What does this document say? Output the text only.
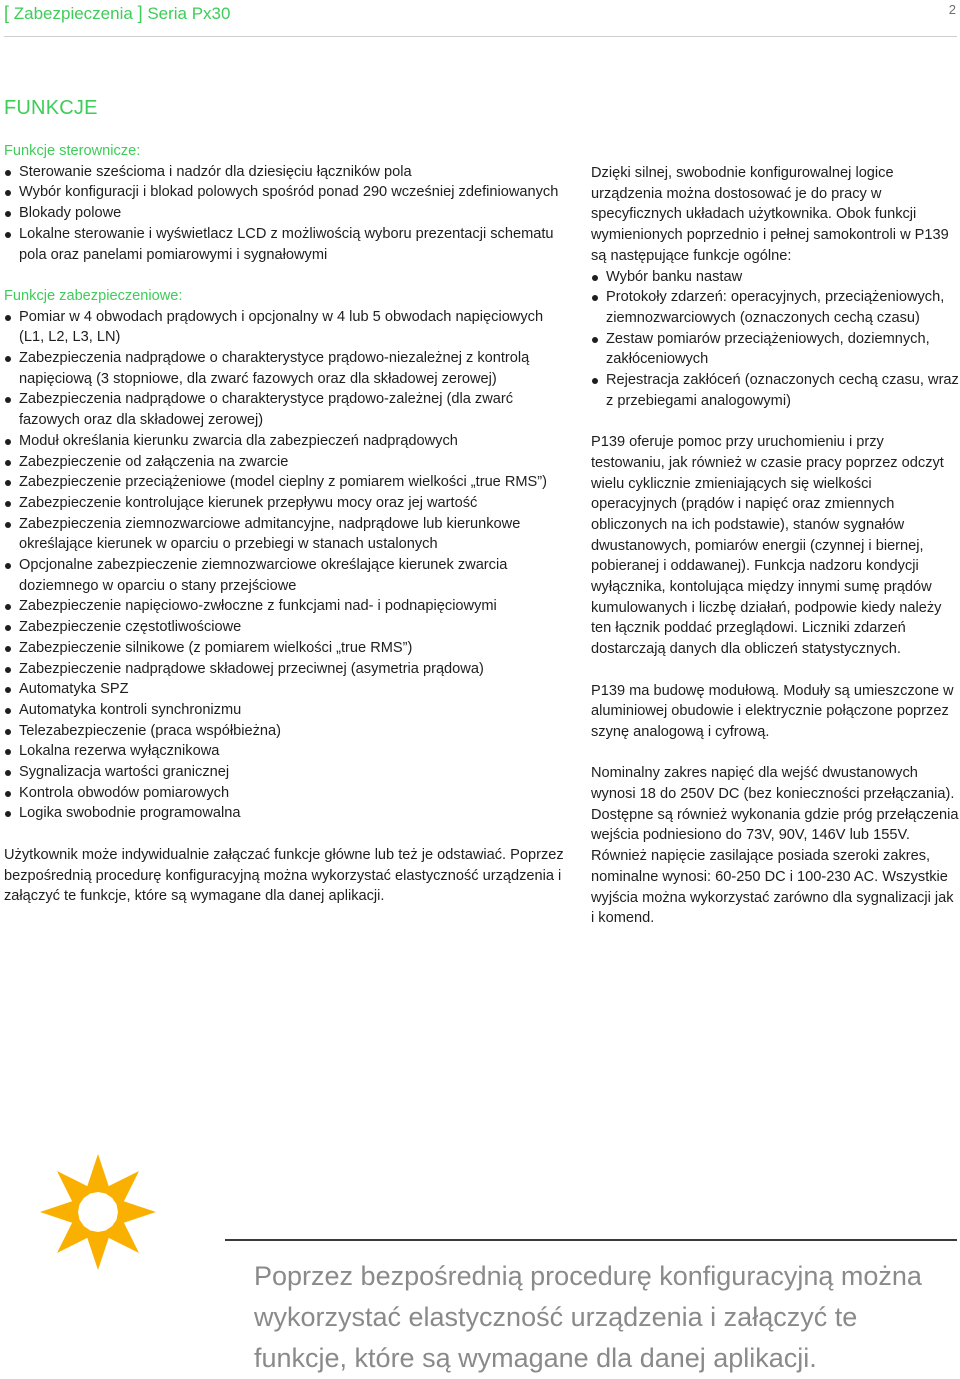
[ Zabezpieczenia ] Seria Px30	2
FUNKCJE
Funkcje sterownicze:
Sterowanie sześcioma i nadzór dla dziesięciu łączników pola
Wybór konfiguracji i blokad polowych spośród ponad 290 wcześniej zdefiniowanych
Blokady polowe
Lokalne sterowanie i wyświetlacz LCD z możliwością wyboru prezentacji schematu pola oraz panelami pomiarowymi i sygnałowymi
Funkcje zabezpieczeniowe:
Pomiar w 4 obwodach prądowych i opcjonalny w 4 lub 5 obwodach napięciowych (L1, L2, L3, LN)
Zabezpieczenia nadprądowe o charakterystyce prądowo-niezależnej z kontrolą napięciową (3 stopniowe, dla zwarć fazowych oraz dla składowej zerowej)
Zabezpieczenia nadprądowe o charakterystyce prądowo-zależnej (dla zwarć fazowych oraz dla składowej zerowej)
Moduł określania kierunku zwarcia dla zabezpieczeń nadprądowych
Zabezpieczenie od załączenia na zwarcie
Zabezpieczenie przeciążeniowe (model cieplny z pomiarem wielkości „true RMS”)
Zabezpieczenie kontrolujące kierunek przepływu mocy oraz jej wartość
Zabezpieczenia ziemnozwarciowe admitancyjne, nadprądowe lub kierunkowe określające kierunek w oparciu o przebiegi w stanach ustalonych
Opcjonalne zabezpieczenie ziemnozwarciowe określające kierunek zwarcia doziemnego w oparciu o stany przejściowe
Zabezpieczenie napięciowo-zwłoczne z funkcjami nad- i podnapięciowymi
Zabezpieczenie częstotliwościowe
Zabezpieczenie silnikowe (z pomiarem wielkości „true RMS”)
Zabezpieczenie nadprądowe składowej przeciwnej (asymetria prądowa)
Automatyka SPZ
Automatyka kontroli synchronizmu
Telezabezpieczenie (praca współbieżna)
Lokalna rezerwa wyłącznikowa
Sygnalizacja wartości granicznej
Kontrola obwodów pomiarowych
Logika swobodnie programowalna

Użytkownik może indywidualnie załączać funkcje główne lub też je odstawiać. Poprzez bezpośrednią procedurę konfiguracyjną można wykorzystać elastyczność urządzenia i załączyć te funkcje, które są wymagane dla danej aplikacji.

Dzięki silnej, swobodnie konfigurowalnej logice urządzenia można dostosować je do pracy w specyficznych układach użytkownika. Obok funkcji wymienionych poprzednio i pełnej samokontroli w P139 są następujące funkcje ogólne:

Wybór banku nastaw
Protokoły zdarzeń: operacyjnych, przeciążeniowych, ziemnozwarciowych (oznaczonych cechą czasu)
Zestaw pomiarów przeciążeniowych, doziemnych, zakłóceniowych
Rejestracja zakłóceń (oznaczonych cechą czasu, wraz z przebiegami analogowymi)

P139 oferuje pomoc przy uruchomieniu i przy testowaniu, jak również w czasie pracy poprzez odczyt wielu cyklicznie zmieniających się wielkości operacyjnych (prądów i napięć oraz zmiennych obliczonych na ich podstawie), stanów sygnałów dwustanowych, pomiarów energii (czynnej i biernej, pobieranej i oddawanej). Funkcja nadzoru kondycji wyłącznika, kontolująca między innymi sumę prądów kumulowanych i liczbę działań, podpowie kiedy należy ten łącznik poddać przeglądowi. Liczniki zdarzeń dostarczają danych dla obliczeń statystycznych.

P139 ma budowę modułową. Moduły są umieszczone w aluminiowej obudowie i elektrycznie połączone poprzez szynę analogową i cyfrową.

Nominalny zakres napięć dla wejść dwustanowych wynosi 18 do 250V DC (bez konieczności przełączania). Dostępne są również wykonania gdzie próg przełączenia wejścia podniesiono do 73V, 90V, 146V lub 155V. Również napięcie zasilające posiada szeroki zakres, nominalne wynosi: 60-250 DC i 100-230 AC. Wszystkie wyjścia można wykorzystać zarówno dla sygnalizacji jak i komend.

Poprzez bezpośrednią procedurę konfiguracyjną można wykorzystać elastyczność urządzenia i załączyć te funkcje, które są wymagane dla danej aplikacji.
